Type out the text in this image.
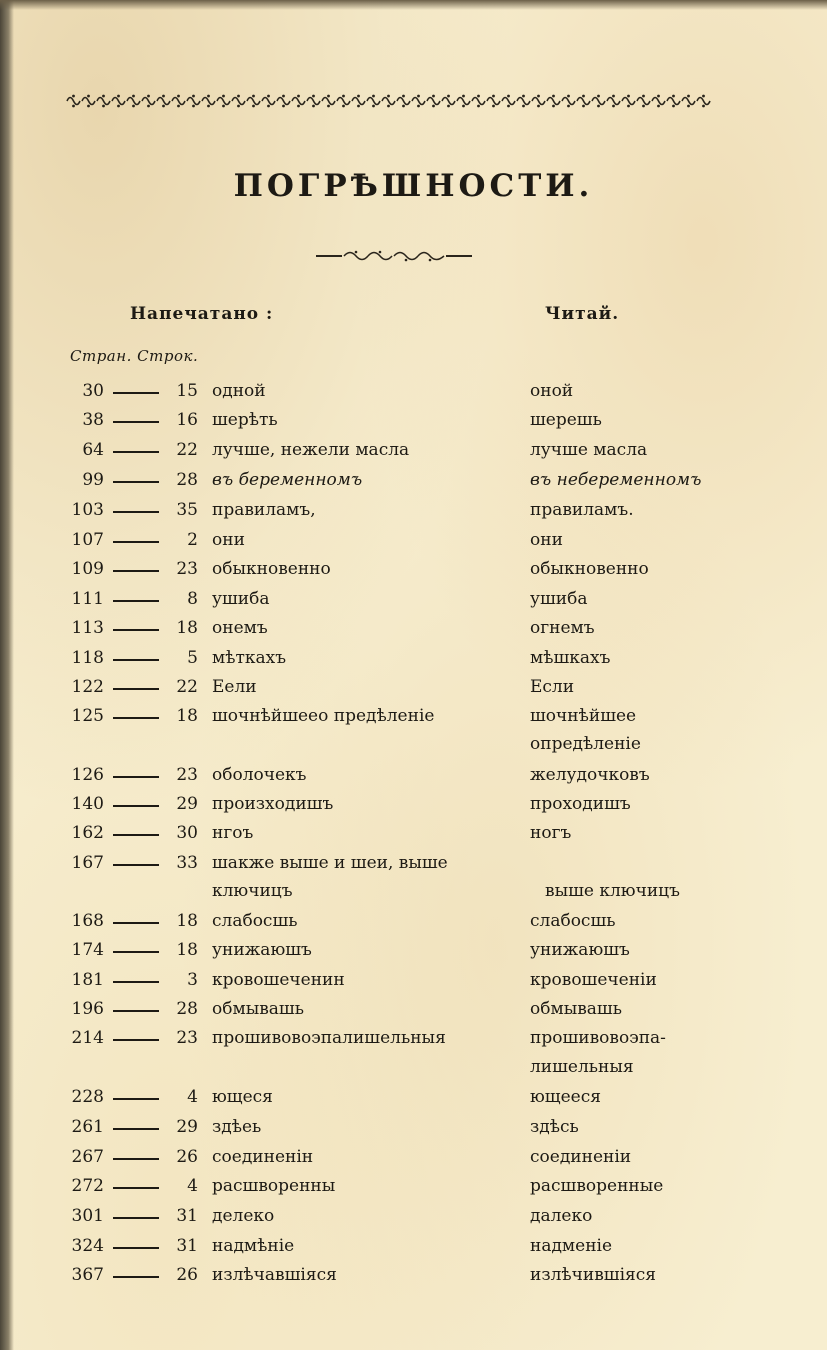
ПОГРѢШНОСТИ.
Напечатано :	Читай.
Стран. Строк.
30	15 одной	оной
38	16 шерѣть	шерешь
64	22 лучше, нежели масла	лучше масла
99	28 въ беременномъ	въ небеременномъ
103	35 правиламъ,	правиламъ.
107	2 они	они
109	23 обыкновенно	обыкновенно
111	8 ушиба	ушиба
113	18 онемъ	огнемъ
118	5 мѣткахъ	мѣшкахъ
122	22 Еели	Если
125	18 шочнѣйшеео предѣленіе	шочнѣйшее
опредѣленіе
126	23 оболочекъ	желудочковъ
140	29 произходишъ	проходишъ
162	30 нгоъ	ногъ
167	33 шакже выше и шеи, выше
ключицъ	выше ключицъ
168	18 слабосшь	слабосшь
174	18 унижаюшъ	унижаюшъ
181	3 кровошеченин	кровошеченіи
196	28 обмывашь	обмывашь
214	23 прошивовоэпалишельныя	прошивовоэпа-
лишельныя
228	4 ющеся	ющееся
261	29 здѣеь	здѣсь
267	26 соединенін	соединеніи
272	4 расшворенны	расшворенные
301	31 делеко	далеко
324	31 надмѣніе	надменіе
367	26 излѣчавшіяся	излѣчившіяся
